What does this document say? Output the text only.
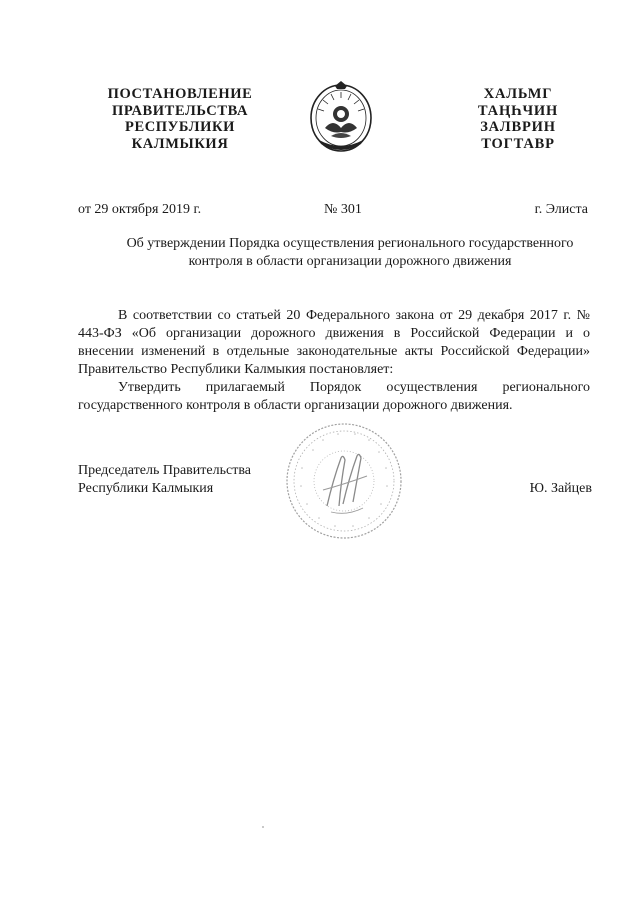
ПОСТАНОВЛЕНИЕ
ПРАВИТЕЛЬСТВА
РЕСПУБЛИКИ
КАЛМЫКИЯ
ХАЛЬМГ
ТАҢҺЧИН
ЗАЛВРИН
ТОГТАВР
от 29 октября 2019 г.	№ 301	г. Элиста
Об утверждении Порядка осуществления регионального государственного
контроля в области организации дорожного движения

В соответствии со статьей 20 Федерального закона от 29 декабря 2017 г. № 443-ФЗ «Об организации дорожного движения в Российской Федерации и о внесении изменений в отдельные законодательные акты Российской Федерации» Правительство Республики Калмыкия постановляет:

Утвердить прилагаемый Порядок осуществления регионального государственного контроля в области организации дорожного движения.

Председатель Правительства
Республики Калмыкия	Ю. Зайцев
